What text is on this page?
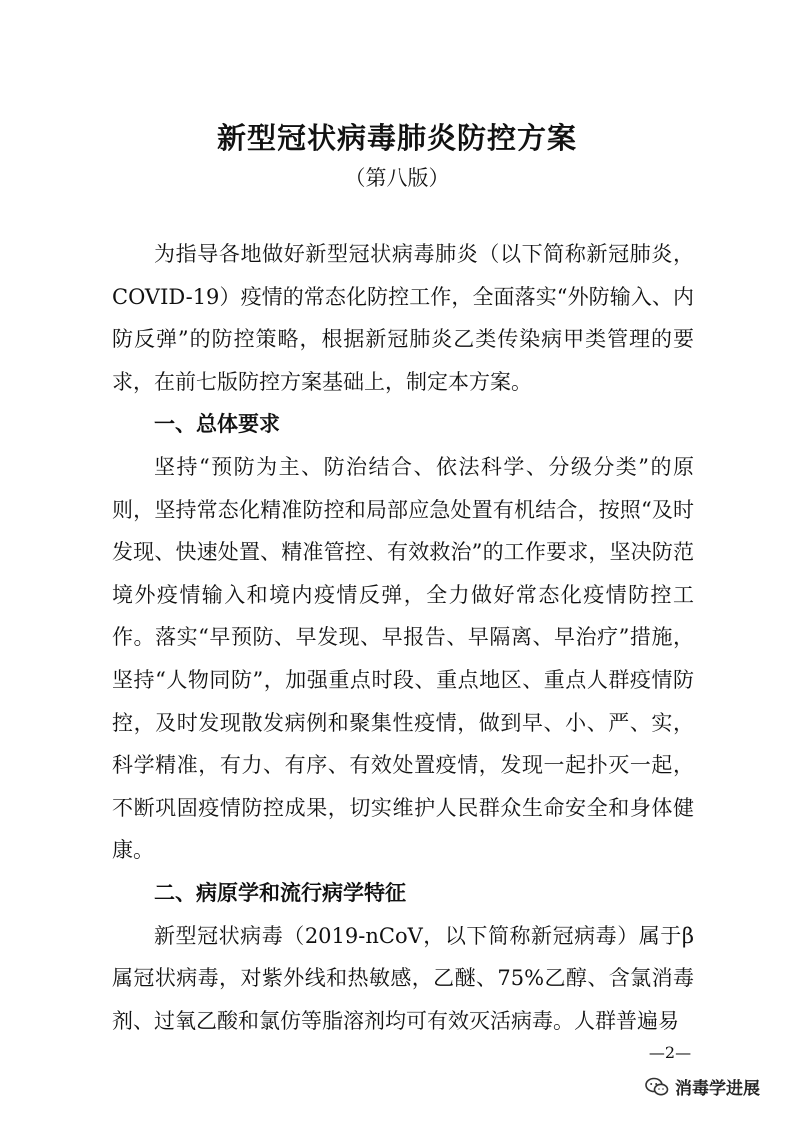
新型冠状病毒肺炎防控方案
（第八版）

为指导各地做好新型冠状病毒肺炎（以下简称新冠肺炎，COVID-19）疫情的常态化防控工作，全面落实“外防输入、内防反弹”的防控策略，根据新冠肺炎乙类传染病甲类管理的要求，在前七版防控方案基础上，制定本方案。

一、总体要求

坚持“预防为主、防治结合、依法科学、分级分类”的原则，坚持常态化精准防控和局部应急处置有机结合，按照“及时发现、快速处置、精准管控、有效救治”的工作要求，坚决防范境外疫情输入和境内疫情反弹，全力做好常态化疫情防控工作。落实“早预防、早发现、早报告、早隔离、早治疗”措施，坚持“人物同防”，加强重点时段、重点地区、重点人群疫情防控，及时发现散发病例和聚集性疫情，做到早、小、严、实，科学精准，有力、有序、有效处置疫情，发现一起扑灭一起，不断巩固疫情防控成果，切实维护人民群众生命安全和身体健康。

二、病原学和流行病学特征

新型冠状病毒（2019-nCoV，以下简称新冠病毒）属于β属冠状病毒，对紫外线和热敏感，乙醚、75%乙醇、含氯消毒剂、过氧乙酸和氯仿等脂溶剂均可有效灭活病毒。人群普遍易

—2—
消毒学进展
